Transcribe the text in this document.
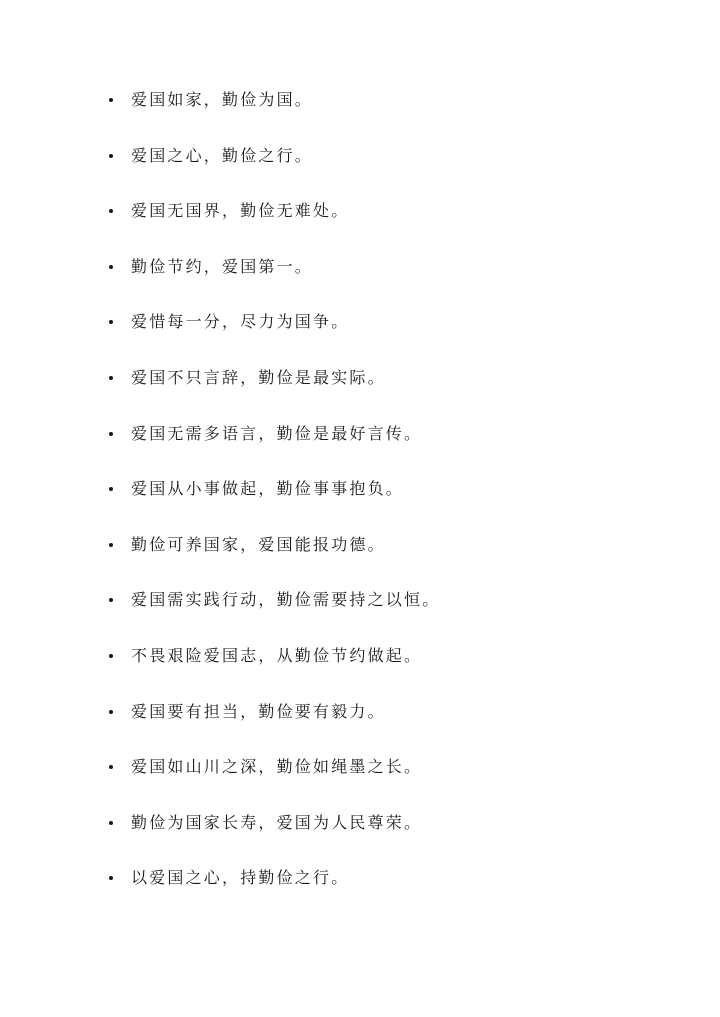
爱国如家，勤俭为国。
爱国之心，勤俭之行。
爱国无国界，勤俭无难处。
勤俭节约，爱国第一。
爱惜每一分，尽力为国争。
爱国不只言辞，勤俭是最实际。
爱国无需多语言，勤俭是最好言传。
爱国从小事做起，勤俭事事抱负。
勤俭可养国家，爱国能报功德。
爱国需实践行动，勤俭需要持之以恒。
不畏艰险爱国志，从勤俭节约做起。
爱国要有担当，勤俭要有毅力。
爱国如山川之深，勤俭如绳墨之长。
勤俭为国家长寿，爱国为人民尊荣。
以爱国之心，持勤俭之行。
